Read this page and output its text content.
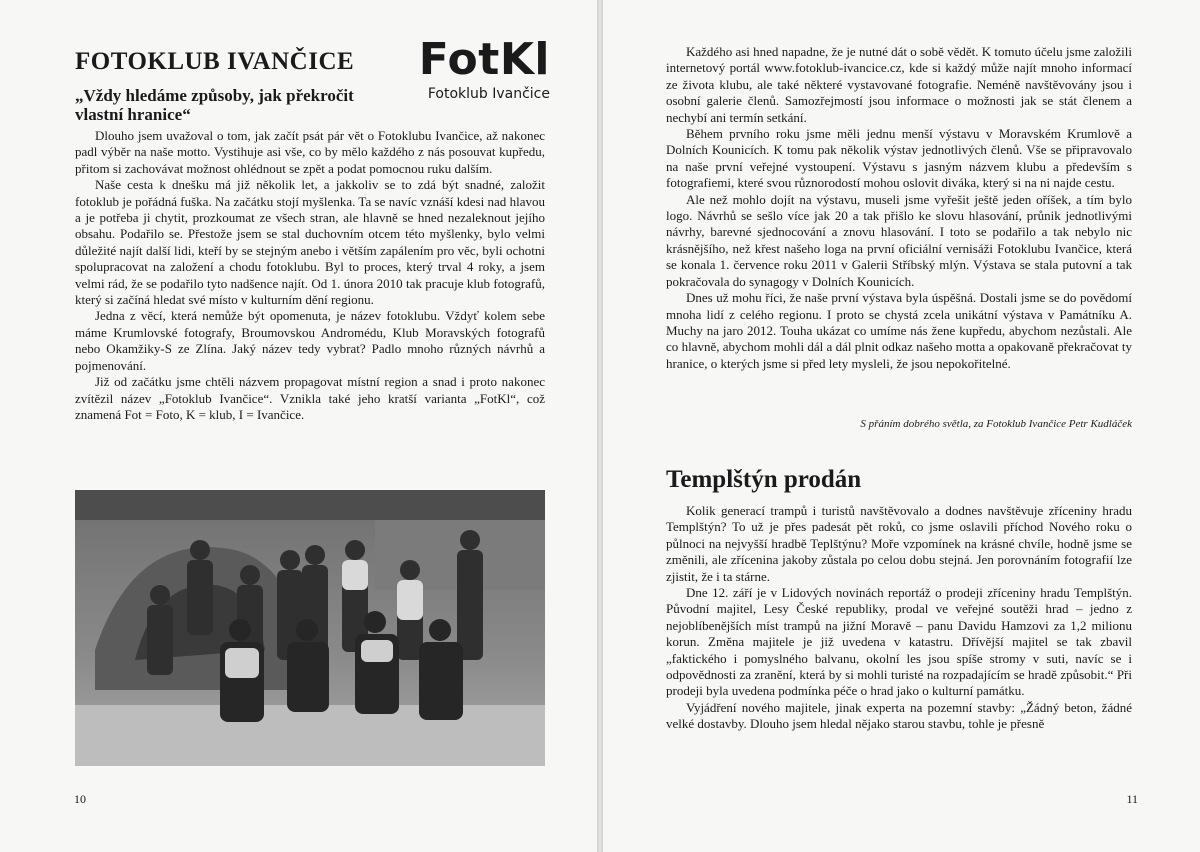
FOTOKLUB IVANČICE
„Vždy hledáme způsoby, jak překročit vlastní hranice“
FotKl
Fotoklub Ivančice

Dlouho jsem uvažoval o tom, jak začít psát pár vět o Fotoklubu Ivančice, až nakonec padl výběr na naše motto. Vystihuje asi vše, co by mělo každého z nás posouvat kupředu, přitom si zachovávat možnost ohlédnout se zpět a podat pomocnou ruku dalším.

Naše cesta k dnešku má již několik let, a jakkoliv se to zdá být snadné, založit fotoklub je pořádná fuška. Na začátku stojí myšlenka. Ta se navíc vznáší kdesi nad hlavou a je potřeba ji chytit, prozkoumat ze všech stran, ale hlavně se hned nezaleknout jejího obsahu. Podařilo se. Přestože jsem se stal duchovním otcem této myšlenky, bylo velmi důležité najít další lidi, kteří by se stejným anebo i větším zapálením pro věc, byli ochotni spolupracovat na založení a chodu fotoklubu. Byl to proces, který trval 4 roky, a jsem velmi rád, že se podařilo tyto nadšence najít. Od 1. února 2010 tak pracuje klub fotografů, který si začíná hledat své místo v kulturním dění regionu.

Jedna z věcí, která nemůže být opomenuta, je název fotoklubu. Vždyť kolem sebe máme Krumlovské fotografy, Broumovskou Andromédu, Klub Moravských fotografů nebo Okamžiky-S ze Zlína. Jaký název tedy vybrat? Padlo mnoho různých návrhů a pojmenování.

Již od začátku jsme chtěli názvem propagovat místní region a snad i proto nakonec zvítězil název „Fotoklub Ivančice“. Vznikla také jeho kratší varianta „FotKl“, což znamená Fot = Foto, K = klub, I = Ivančice.

10

Každého asi hned napadne, že je nutné dát o sobě vědět. K tomuto účelu jsme založili internetový portál www.fotoklub-ivancice.cz, kde si každý může najít mnoho informací ze života klubu, ale také některé vystavované fotografie. Neméně navštěvovány jsou i osobní galerie členů. Samozřejmostí jsou informace o možnosti jak se stát členem a nechybí ani termín setkání.

Během prvního roku jsme měli jednu menší výstavu v Moravském Krumlově a Dolních Kounicích. K tomu pak několik výstav jednotlivých členů. Vše se připravovalo na naše první veřejné vystoupení. Výstavu s jasným názvem klubu a především s fotografiemi, které svou různorodostí mohou oslovit diváka, který si na ni najde cestu.

Ale než mohlo dojít na výstavu, museli jsme vyřešit ještě jeden oříšek, a tím bylo logo. Návrhů se sešlo více jak 20 a tak přišlo ke slovu hlasování, průnik jednotlivými návrhy, barevné sjednocování a znovu hlasování. I toto se podařilo a tak nebylo nic krásnějšího, než křest našeho loga na první oficiální vernisáži Fotoklubu Ivančice, která se konala 1. července roku 2011 v Galerii Stříbský mlýn. Výstava se stala putovní a tak pokračovala do synagogy v Dolních Kounicích.

Dnes už mohu říci, že naše první výstava byla úspěšná. Dostali jsme se do povědomí mnoha lidí z celého regionu. I proto se chystá zcela unikátní výstava v Památníku A. Muchy na jaro 2012. Touha ukázat co umíme nás žene kupředu, abychom nezůstali. Ale co hlavně, abychom mohli dál a dál plnit odkaz našeho motta a opakovaně překračovat ty hranice, o kterých jsme si před lety mysleli, že jsou nepokořitelné.

S přáním dobrého světla, za Fotoklub Ivančice Petr Kudláček
Templštýn prodán

Kolik generací trampů i turistů navštěvovalo a dodnes navštěvuje zříceniny hradu Templštýn? To už je přes padesát pět roků, co jsme oslavili příchod Nového roku o půlnoci na nejvyšší hradbě Teplštýnu? Moře vzpomínek na krásné chvíle, hodně jsme se změnili, ale zřícenina jakoby zůstala po celou dobu stejná. Jen porovnáním fotografií lze zjistit, že i ta stárne.

Dne 12. září je v Lidových novinách reportáž o prodeji zříceniny hradu Templštýn. Původní majitel, Lesy České republiky, prodal ve veřejné soutěži hrad – jedno z nejoblíbenějších míst trampů na jižní Moravě – panu Davidu Hamzovi za 1,2 milionu korun. Změna majitele je již uvedena v katastru. Dřívější majitel se tak zbavil „faktického i pomyslného balvanu, okolní les jsou spíše stromy v suti, navíc se i odpovědnosti za zranění, která by si mohli turisté na rozpadajícím se hradě způsobit.“ Při prodeji byla uvedena podmínka péče o hrad jako o kulturní památku.

Vyjádření nového majitele, jinak experta na pozemní stavby: „Žádný beton, žádné velké dostavby. Dlouho jsem hledal nějako starou stavbu, tohle je přesně

11
